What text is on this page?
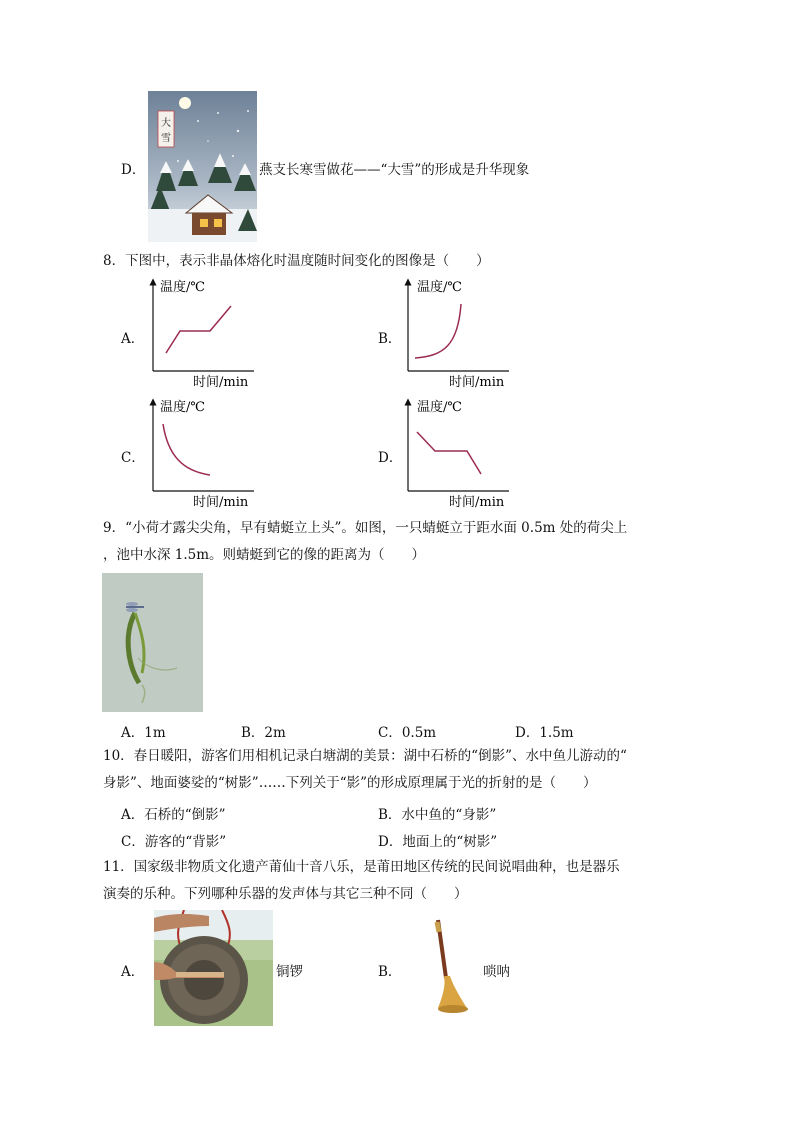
D．
大
雪
燕支长寒雪做花——“大雪”的形成是升华现象
8．下图中，表示非晶体熔化时温度随时间变化的图像是（　　）
A．
温度/℃
时间/min
B．
温度/℃
时间/min
C．
温度/℃
时间/min
D．
温度/℃
时间/min
9．“小荷才露尖尖角，早有蜻蜓立上头”。如图，一只蜻蜓立于距水面 0.5m 处的荷尖上
，池中水深 1.5m。则蜻蜓到它的像的距离为（　　）
A．1m	B．2m	C．0.5m	D．1.5m
10．春日暖阳，游客们用相机记录白塘湖的美景：湖中石桥的“倒影”、水中鱼儿游动的“
身影”、地面婆娑的“树影”……下列关于“影”的形成原理属于光的折射的是（　　）
A．石桥的“倒影”	B．水中鱼的“身影”
C．游客的“背影”	D．地面上的“树影”
11．国家级非物质文化遗产莆仙十音八乐，是莆田地区传统的民间说唱曲种，也是器乐
演奏的乐种。下列哪种乐器的发声体与其它三种不同（　　）
A．	铜锣	B．	唢呐
